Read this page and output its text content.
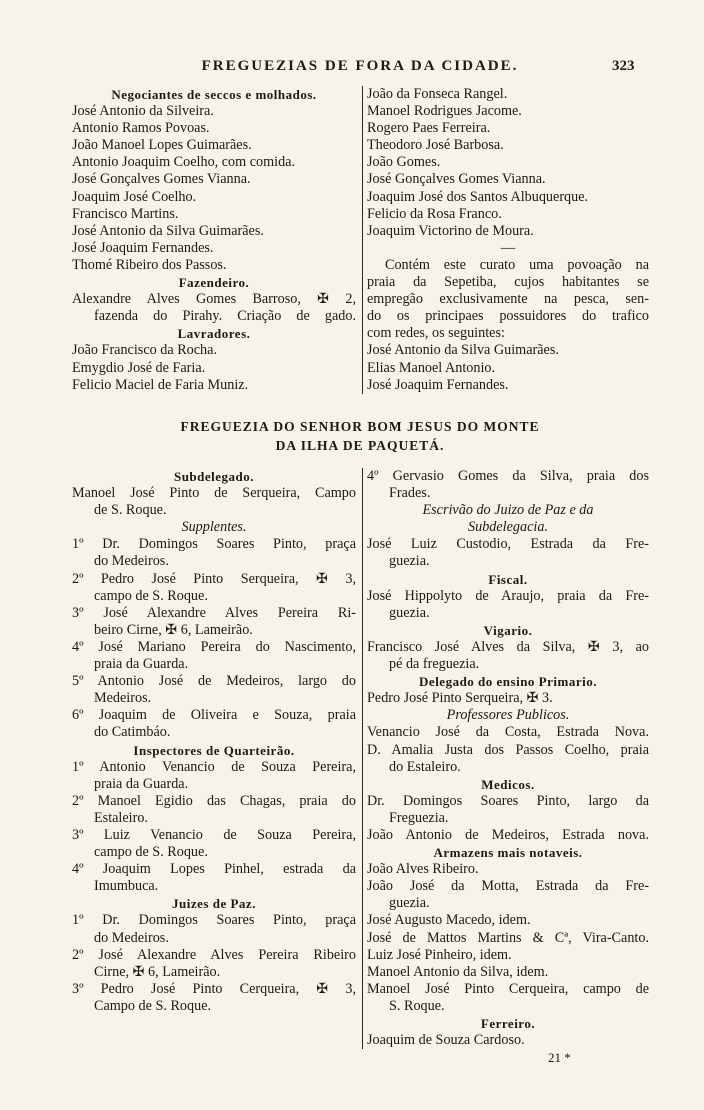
FREGUEZIAS DE FORA DA CIDADE.	323
Negociantes de seccos e molhados.
José Antonio da Silveira.
Antonio Ramos Povoas.
João Manoel Lopes Guimarães.
Antonio Joaquim Coelho, com comida.
José Gonçalves Gomes Vianna.
Joaquim José Coelho.
Francisco Martins.
José Antonio da Silva Guimarães.
José Joaquim Fernandes.
Thomé Ribeiro dos Passos.
Fazendeiro.
Alexandre Alves Gomes Barroso, ✠ 2,
fazenda do Pirahy. Criação de gado.
Lavradores.
João Francisco da Rocha.
Emygdio José de Faria.
Felicio Maciel de Faria Muniz.
João da Fonseca Rangel.
Manoel Rodrigues Jacome.
Rogero Paes Ferreira.
Theodoro José Barbosa.
João Gomes.
José Gonçalves Gomes Vianna.
Joaquim José dos Santos Albuquerque.
Felicio da Rosa Franco.
Joaquim Victorino de Moura.
—
Contém este curato uma povoação na
praia da Sepetiba, cujos habitantes se
empregão exclusivamente na pesca, sen-
do os principaes possuidores do trafico
com redes, os seguintes:
José Antonio da Silva Guimarães.
Elias Manoel Antonio.
José Joaquim Fernandes.
FREGUEZIA DO SENHOR BOM JESUS DO MONTE
DA ILHA DE PAQUETÁ.
Subdelegado.
Manoel José Pinto de Serqueira, Campo
de S. Roque.
Supplentes.
1º Dr. Domingos Soares Pinto, praça
do Medeiros.
2º Pedro José Pinto Serqueira, ✠ 3,
campo de S. Roque.
3º José Alexandre Alves Pereira Ri-
beiro Cirne, ✠ 6, Lameirão.
4º José Mariano Pereira do Nascimento,
praia da Guarda.
5º Antonio José de Medeiros, largo do
Medeiros.
6º Joaquim de Oliveira e Souza, praia
do Catimbáo.
Inspectores de Quarteirão.
1º Antonio Venancio de Souza Pereira,
praia da Guarda.
2º Manoel Egidio das Chagas, praia do
Estaleiro.
3º Luiz Venancio de Souza Pereira,
campo de S. Roque.
4º Joaquim Lopes Pinhel, estrada da
Imumbuca.
Juizes de Paz.
1º Dr. Domingos Soares Pinto, praça
do Medeiros.
2º José Alexandre Alves Pereira Ribeiro
Cirne, ✠ 6, Lameirão.
3º Pedro José Pinto Cerqueira, ✠ 3,
Campo de S. Roque.
4º Gervasio Gomes da Silva, praia dos
Frades.
Escrivão do Juizo de Paz e da
Subdelegacia.
José Luiz Custodio, Estrada da Fre-
guezia.
Fiscal.
José Hippolyto de Araujo, praia da Fre-
guezia.
Vigario.
Francisco José Alves da Silva, ✠ 3, ao
pé da freguezia.
Delegado do ensino Primario.
Pedro José Pinto Serqueira, ✠ 3.
Professores Publicos.
Venancio José da Costa, Estrada Nova.
D. Amalia Justa dos Passos Coelho, praia
do Estaleiro.
Medicos.
Dr. Domingos Soares Pinto, largo da
Freguezia.
João Antonio de Medeiros, Estrada nova.
Armazens mais notaveis.
João Alves Ribeiro.
João José da Motta, Estrada da Fre-
guezia.
José Augusto Macedo, idem.
José de Mattos Martins & Cª, Vira-Canto.
Luiz José Pinheiro, idem.
Manoel Antonio da Silva, idem.
Manoel José Pinto Cerqueira, campo de
S. Roque.
Ferreiro.
Joaquim de Souza Cardoso.
21 *
